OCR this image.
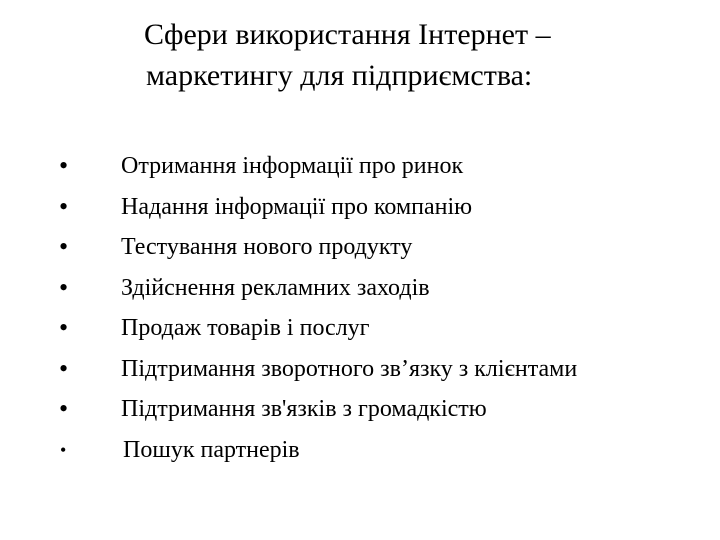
Сфери використання Інтернет –
маркетингу для підприємства:
• Отримання інформації про ринок
• Надання інформації про компанію
• Тестування нового продукту
• Здійснення рекламних заходів
• Продаж товарів і послуг
• Підтримання зворотного зв’язку з клієнтами
• Підтримання зв'язків з громадкістю
• Пошук партнерів
